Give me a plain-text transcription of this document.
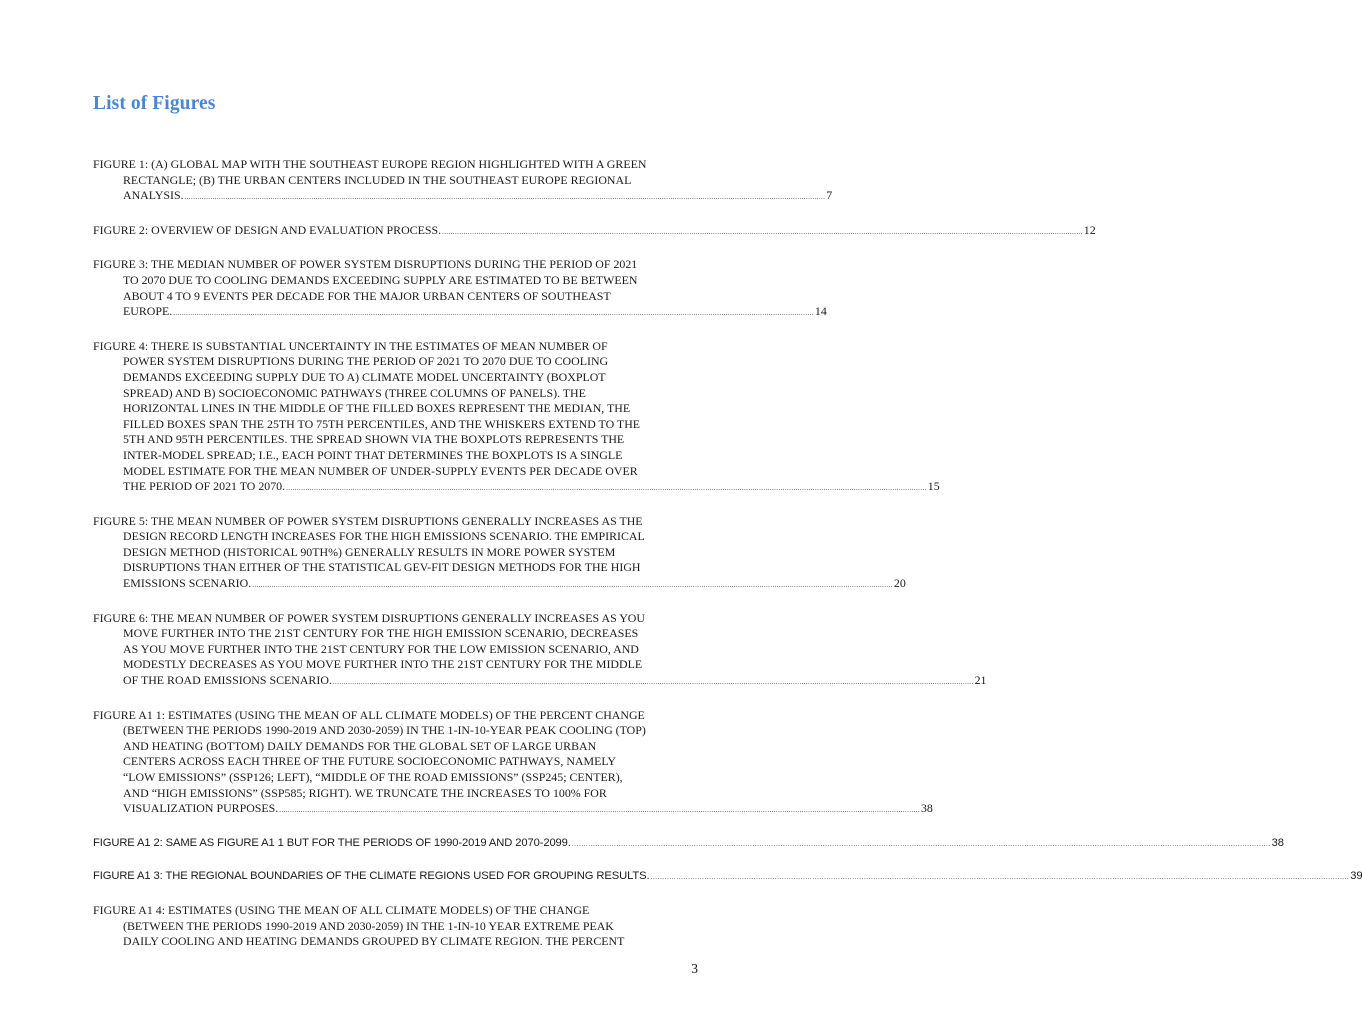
List of Figures
FIGURE 1: (A) GLOBAL MAP WITH THE SOUTHEAST EUROPE REGION HIGHLIGHTED WITH A GREEN
RECTANGLE; (B) THE URBAN CENTERS INCLUDED IN THE SOUTHEAST EUROPE REGIONAL
ANALYSIS. .......................................................................................................................................................................................................................................................................................................... 7
FIGURE 2: OVERVIEW OF DESIGN AND EVALUATION PROCESS. .......................................................................................................................................................................................................................................................................................................... 12
FIGURE 3: THE MEDIAN NUMBER OF POWER SYSTEM DISRUPTIONS DURING THE PERIOD OF 2021
TO 2070 DUE TO COOLING DEMANDS EXCEEDING SUPPLY ARE ESTIMATED TO BE BETWEEN
ABOUT 4 TO 9 EVENTS PER DECADE FOR THE MAJOR URBAN CENTERS OF SOUTHEAST
EUROPE. .......................................................................................................................................................................................................................................................................................................... 14
FIGURE 4: THERE IS SUBSTANTIAL UNCERTAINTY IN THE ESTIMATES OF MEAN NUMBER OF
POWER SYSTEM DISRUPTIONS DURING THE PERIOD OF 2021 TO 2070 DUE TO COOLING
DEMANDS EXCEEDING SUPPLY DUE TO A) CLIMATE MODEL UNCERTAINTY (BOXPLOT
SPREAD) AND B) SOCIOECONOMIC PATHWAYS (THREE COLUMNS OF PANELS). THE
HORIZONTAL LINES IN THE MIDDLE OF THE FILLED BOXES REPRESENT THE MEDIAN, THE
FILLED BOXES SPAN THE 25TH TO 75TH PERCENTILES, AND THE WHISKERS EXTEND TO THE
5TH AND 95TH PERCENTILES. THE SPREAD SHOWN VIA THE BOXPLOTS REPRESENTS THE
INTER-MODEL SPREAD; I.E., EACH POINT THAT DETERMINES THE BOXPLOTS IS A SINGLE
MODEL ESTIMATE FOR THE MEAN NUMBER OF UNDER-SUPPLY EVENTS PER DECADE OVER
THE PERIOD OF 2021 TO 2070. .......................................................................................................................................................................................................................................................................................................... 15
FIGURE 5: THE MEAN NUMBER OF POWER SYSTEM DISRUPTIONS GENERALLY INCREASES AS THE
DESIGN RECORD LENGTH INCREASES FOR THE HIGH EMISSIONS SCENARIO. THE EMPIRICAL
DESIGN METHOD (HISTORICAL 90TH%) GENERALLY RESULTS IN MORE POWER SYSTEM
DISRUPTIONS THAN EITHER OF THE STATISTICAL GEV-FIT DESIGN METHODS FOR THE HIGH
EMISSIONS SCENARIO. .......................................................................................................................................................................................................................................................................................................... 20
FIGURE 6: THE MEAN NUMBER OF POWER SYSTEM DISRUPTIONS GENERALLY INCREASES AS YOU
MOVE FURTHER INTO THE 21ST CENTURY FOR THE HIGH EMISSION SCENARIO, DECREASES
AS YOU MOVE FURTHER INTO THE 21ST CENTURY FOR THE LOW EMISSION SCENARIO, AND
MODESTLY DECREASES AS YOU MOVE FURTHER INTO THE 21ST CENTURY FOR THE MIDDLE
OF THE ROAD EMISSIONS SCENARIO. .......................................................................................................................................................................................................................................................................................................... 21
FIGURE A1 1: ESTIMATES (USING THE MEAN OF ALL CLIMATE MODELS) OF THE PERCENT CHANGE
(BETWEEN THE PERIODS 1990-2019 AND 2030-2059) IN THE 1-IN-10-YEAR PEAK COOLING (TOP)
AND HEATING (BOTTOM) DAILY DEMANDS FOR THE GLOBAL SET OF LARGE URBAN
CENTERS ACROSS EACH THREE OF THE FUTURE SOCIOECONOMIC PATHWAYS, NAMELY
“LOW EMISSIONS” (SSP126; LEFT), “MIDDLE OF THE ROAD EMISSIONS” (SSP245; CENTER),
AND “HIGH EMISSIONS” (SSP585; RIGHT). WE TRUNCATE THE INCREASES TO 100% FOR
VISUALIZATION PURPOSES. .......................................................................................................................................................................................................................................................................................................... 38
FIGURE A1 2: SAME AS FIGURE A1 1 BUT FOR THE PERIODS OF 1990-2019 AND 2070-2099. .......................................................................................................................................................................................................................................................................................................... 38
FIGURE A1 3: THE REGIONAL BOUNDARIES OF THE CLIMATE REGIONS USED FOR GROUPING RESULTS. .......................................................................................................................................................................................................................................................................................................... 39
FIGURE A1 4: ESTIMATES (USING THE MEAN OF ALL CLIMATE MODELS) OF THE CHANGE
(BETWEEN THE PERIODS 1990-2019 AND 2030-2059) IN THE 1-IN-10 YEAR EXTREME PEAK
DAILY COOLING AND HEATING DEMANDS GROUPED BY CLIMATE REGION. THE PERCENT
3
